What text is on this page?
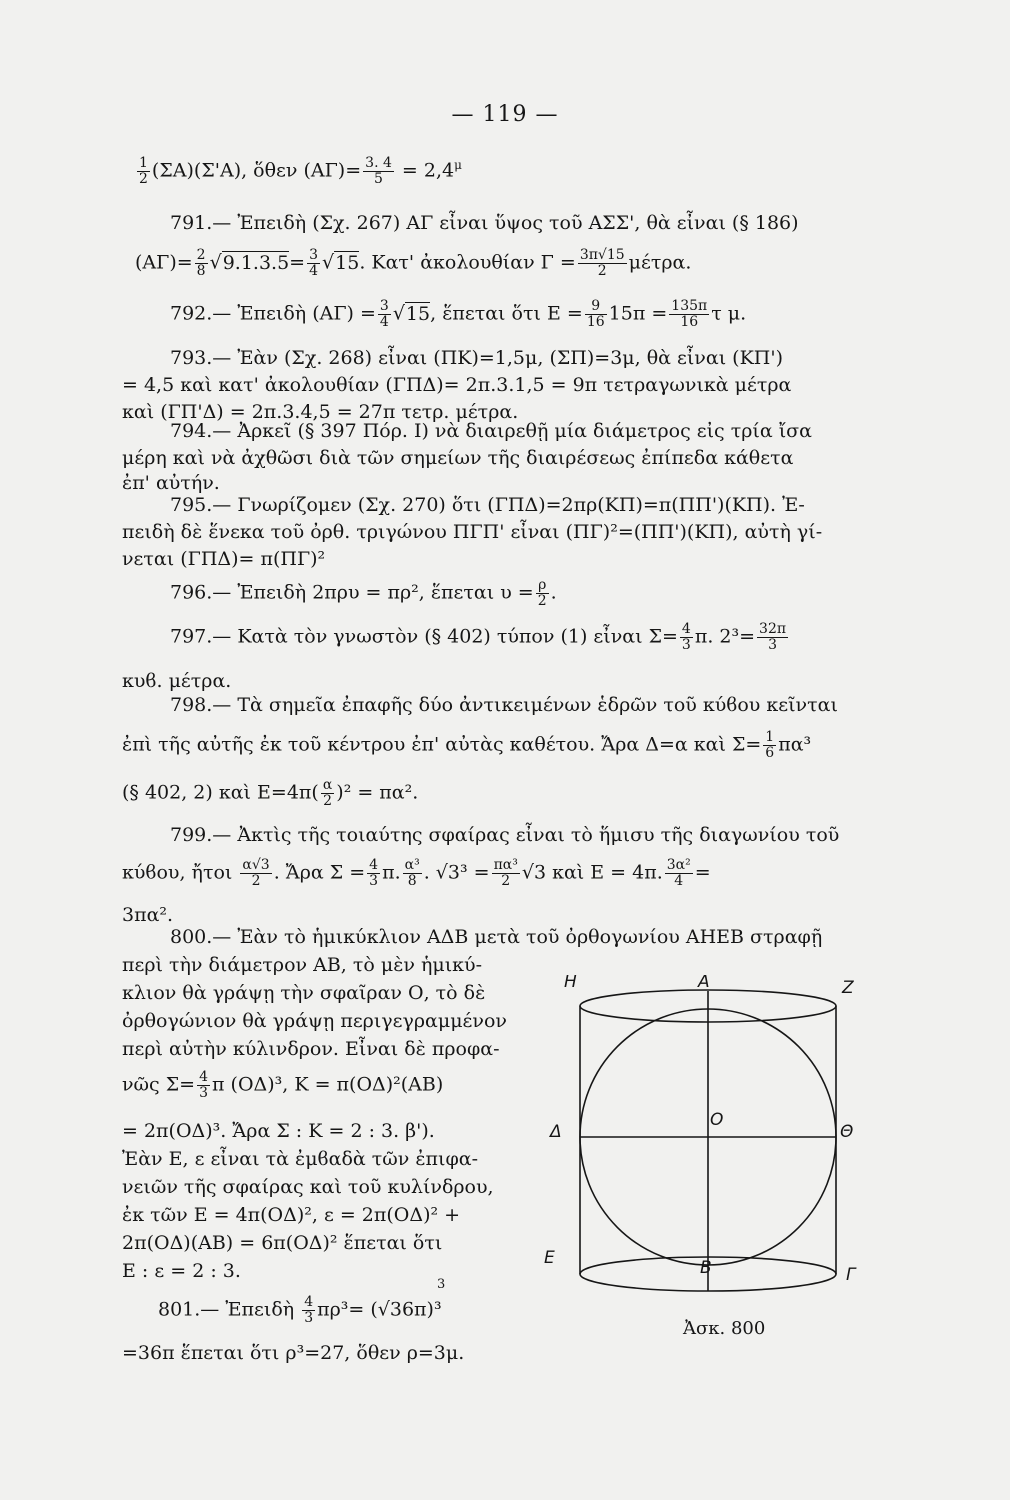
— 119 —
$\frac{1}{2} (\Sigma A)(\Sigma'A)$, ὅθεν $(A\Gamma)= \frac{3. 4}{5} = 2,4^\mu$
791.— Ἐπειδὴ (Σχ. 267) ΑΓ εἶναι ὕψος τοῦ ΑΣΣ', θὰ εἶναι (§ 186)
$(A\Gamma)= \frac{2}{8} √9.1.3.5= \frac{3}{4} √15$. Κατ' ἀκολουθίαν $\Gamma = \frac{3\pi√15}{2} \mu έ\tau\rho\alpha$.
792.— Ἐπειδὴ $(A\Gamma) = \frac{3}{4} √15$, ἕπεται ὅτι $E = \frac{9}{16} 15\pi = \frac{135\pi}{16}$ τ μ.
793.— Ἐὰν (Σχ. 268) εἶναι (ΠΚ)=1,5μ, (ΣΠ)=3μ, θὰ εἶναι (ΚΠ')
= 4,5 καὶ κατ' ἀκολουθίαν (ΓΠΔ)= 2π.3.1,5 = 9π τετραγωνικὰ μέτρα
καὶ (ΓΠ'Δ) = 2π.3.4,5 = 27π τετρ. μέτρα.
794.— Ἀρκεῖ (§ 397 Πόρ. Ι) νὰ διαιρεθῇ μία διάμετρος εἰς τρία ἴσα
μέρη καὶ νὰ ἀχθῶσι διὰ τῶν σημείων τῆς διαιρέσεως ἐπίπεδα κάθετα
ἐπ' αὐτήν.
795.— Γνωρίζομεν (Σχ. 270) ὅτι (ΓΠΔ)=2πρ(ΚΠ)=π(ΠΠ')(ΚΠ). Ἐ-
πειδὴ δὲ ἕνεκα τοῦ ὀρθ. τριγώνου ΠΓΠ' εἶναι (ΠΓ)²=(ΠΠ')(ΚΠ), αὐτὴ γί-
νεται (ΓΠΔ)= π(ΠΓ)²
796.— Ἐπειδὴ 2πρυ = πρ², ἕπεται $\upsilon = \frac{\rho}{2}$ .
797.— Κατὰ τὸν γνωστὸν (§ 402) τύπον (1) εἶναι $\Sigma= \frac{4}{3} \pi$. $2^3= \frac{32\pi}{3}$
κυϐ. μέτρα.
798.— Τὰ σημεῖα ἐπαφῆς δύο ἀντικειμένων ἑδρῶν τοῦ κύϐου κεῖνται
ἐπὶ τῆς αὐτῆς ἐκ τοῦ κέντρου ἐπ' αὐτὰς καθέτου. Ἄρα Δ=α καὶ $\Sigma= \frac{1}{6} \pi\alpha^3$
(§ 402, 2) καὶ $E=4\pi( \frac{\alpha}{2} )^2 = \pi\alpha^2$.
799.— Ἀκτὶς τῆς τοιαύτης σφαίρας εἶναι τὸ ἥμισυ τῆς διαγωνίου τοῦ
κύϐου, ἤτοι $\frac{\alpha√3}{2}$ . Ἄρα $\Sigma = \frac{4}{3} \pi$. $\frac{\text{α³}}{8}$ . $√3^3 = \frac{\text{πα³}}{2} √3$ καὶ Ε = 4π. $\frac{\text{3α²}}{4}$ =
3πα².
800.— Ἐὰν τὸ ἡμικύκλιον ΑΔΒ μετὰ τοῦ ὀρθογωνίου ΑΗΕΒ στραφῇ
περὶ τὴν διάμετρον ΑΒ, τὸ μὲν ἡμικύ-
κλιον θὰ γράψῃ τὴν σφαῖραν Ο, τὸ δὲ
ὀρθογώνιον θὰ γράψῃ περιγεγραμμένον
περὶ αὐτὴν κύλινδρον. Εἶναι δὲ προφα-
νῶς $\Sigma= \frac{4}{3}$ π (ΟΔ)³, Κ = π(ΟΔ)²(ΑΒ)
= 2π(ΟΔ)³. Ἄρα Σ : Κ = 2 : 3. β').
Ἐὰν Ε, ε εἶναι τὰ ἐμϐαδὰ τῶν ἐπιφα-
νειῶν τῆς σφαίρας καὶ τοῦ κυλίνδρου,
ἐκ τῶν Ε = 4π(ΟΔ)², ε = 2π(ΟΔ)² +
2π(ΟΔ)(ΑΒ) = 6π(ΟΔ)² ἕπεται ὅτι
Ε : ε = 2 : 3.
801.— Ἐπειδὴ $\frac{4}{3} \pi\rho^3= (√36\pi)^3$
3
=36π ἕπεται ὅτι ρ³=27, ὅθεν ρ=3μ.
H	A	Z
O
Δ	Θ
E	B	Γ
Ἀσκ. 800
